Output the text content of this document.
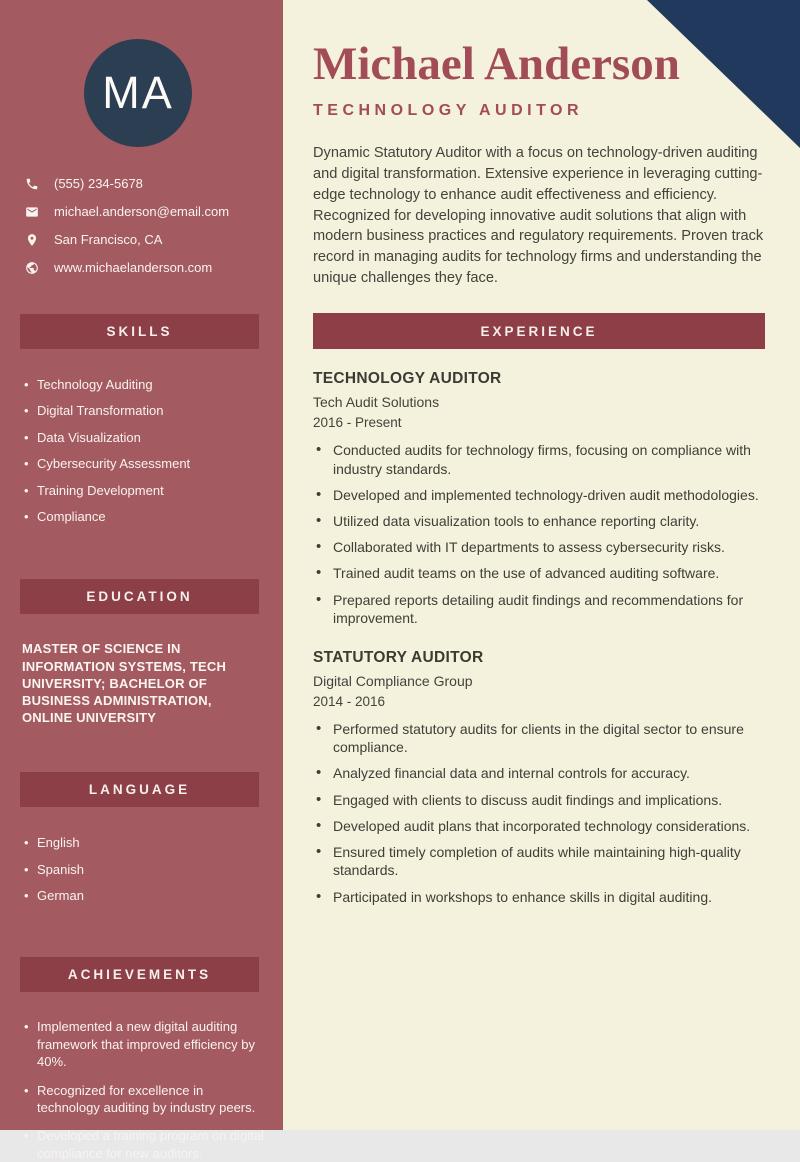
MA
(555) 234-5678
michael.anderson@email.com
San Francisco, CA
www.michaelanderson.com
SKILLS
• Technology Auditing
• Digital Transformation
• Data Visualization
• Cybersecurity Assessment
• Training Development
• Compliance
EDUCATION
MASTER OF SCIENCE IN INFORMATION SYSTEMS, TECH UNIVERSITY; BACHELOR OF BUSINESS ADMINISTRATION, ONLINE UNIVERSITY
LANGUAGE
• English
• Spanish
• German
ACHIEVEMENTS
• Implemented a new digital auditing framework that improved efficiency by 40%.
• Recognized for excellence in technology auditing by industry peers.
• Developed a training program on digital compliance for new auditors.
Michael Anderson
TECHNOLOGY AUDITOR
Dynamic Statutory Auditor with a focus on technology-driven auditing and digital transformation. Extensive experience in leveraging cutting-edge technology to enhance audit effectiveness and efficiency. Recognized for developing innovative audit solutions that align with modern business practices and regulatory requirements. Proven track record in managing audits for technology firms and understanding the unique challenges they face.
EXPERIENCE
TECHNOLOGY AUDITOR
Tech Audit Solutions
2016 - Present
• Conducted audits for technology firms, focusing on compliance with industry standards.
• Developed and implemented technology-driven audit methodologies.
• Utilized data visualization tools to enhance reporting clarity.
• Collaborated with IT departments to assess cybersecurity risks.
• Trained audit teams on the use of advanced auditing software.
• Prepared reports detailing audit findings and recommendations for improvement.
STATUTORY AUDITOR
Digital Compliance Group
2014 - 2016
• Performed statutory audits for clients in the digital sector to ensure compliance.
• Analyzed financial data and internal controls for accuracy.
• Engaged with clients to discuss audit findings and implications.
• Developed audit plans that incorporated technology considerations.
• Ensured timely completion of audits while maintaining high-quality standards.
• Participated in workshops to enhance skills in digital auditing.
